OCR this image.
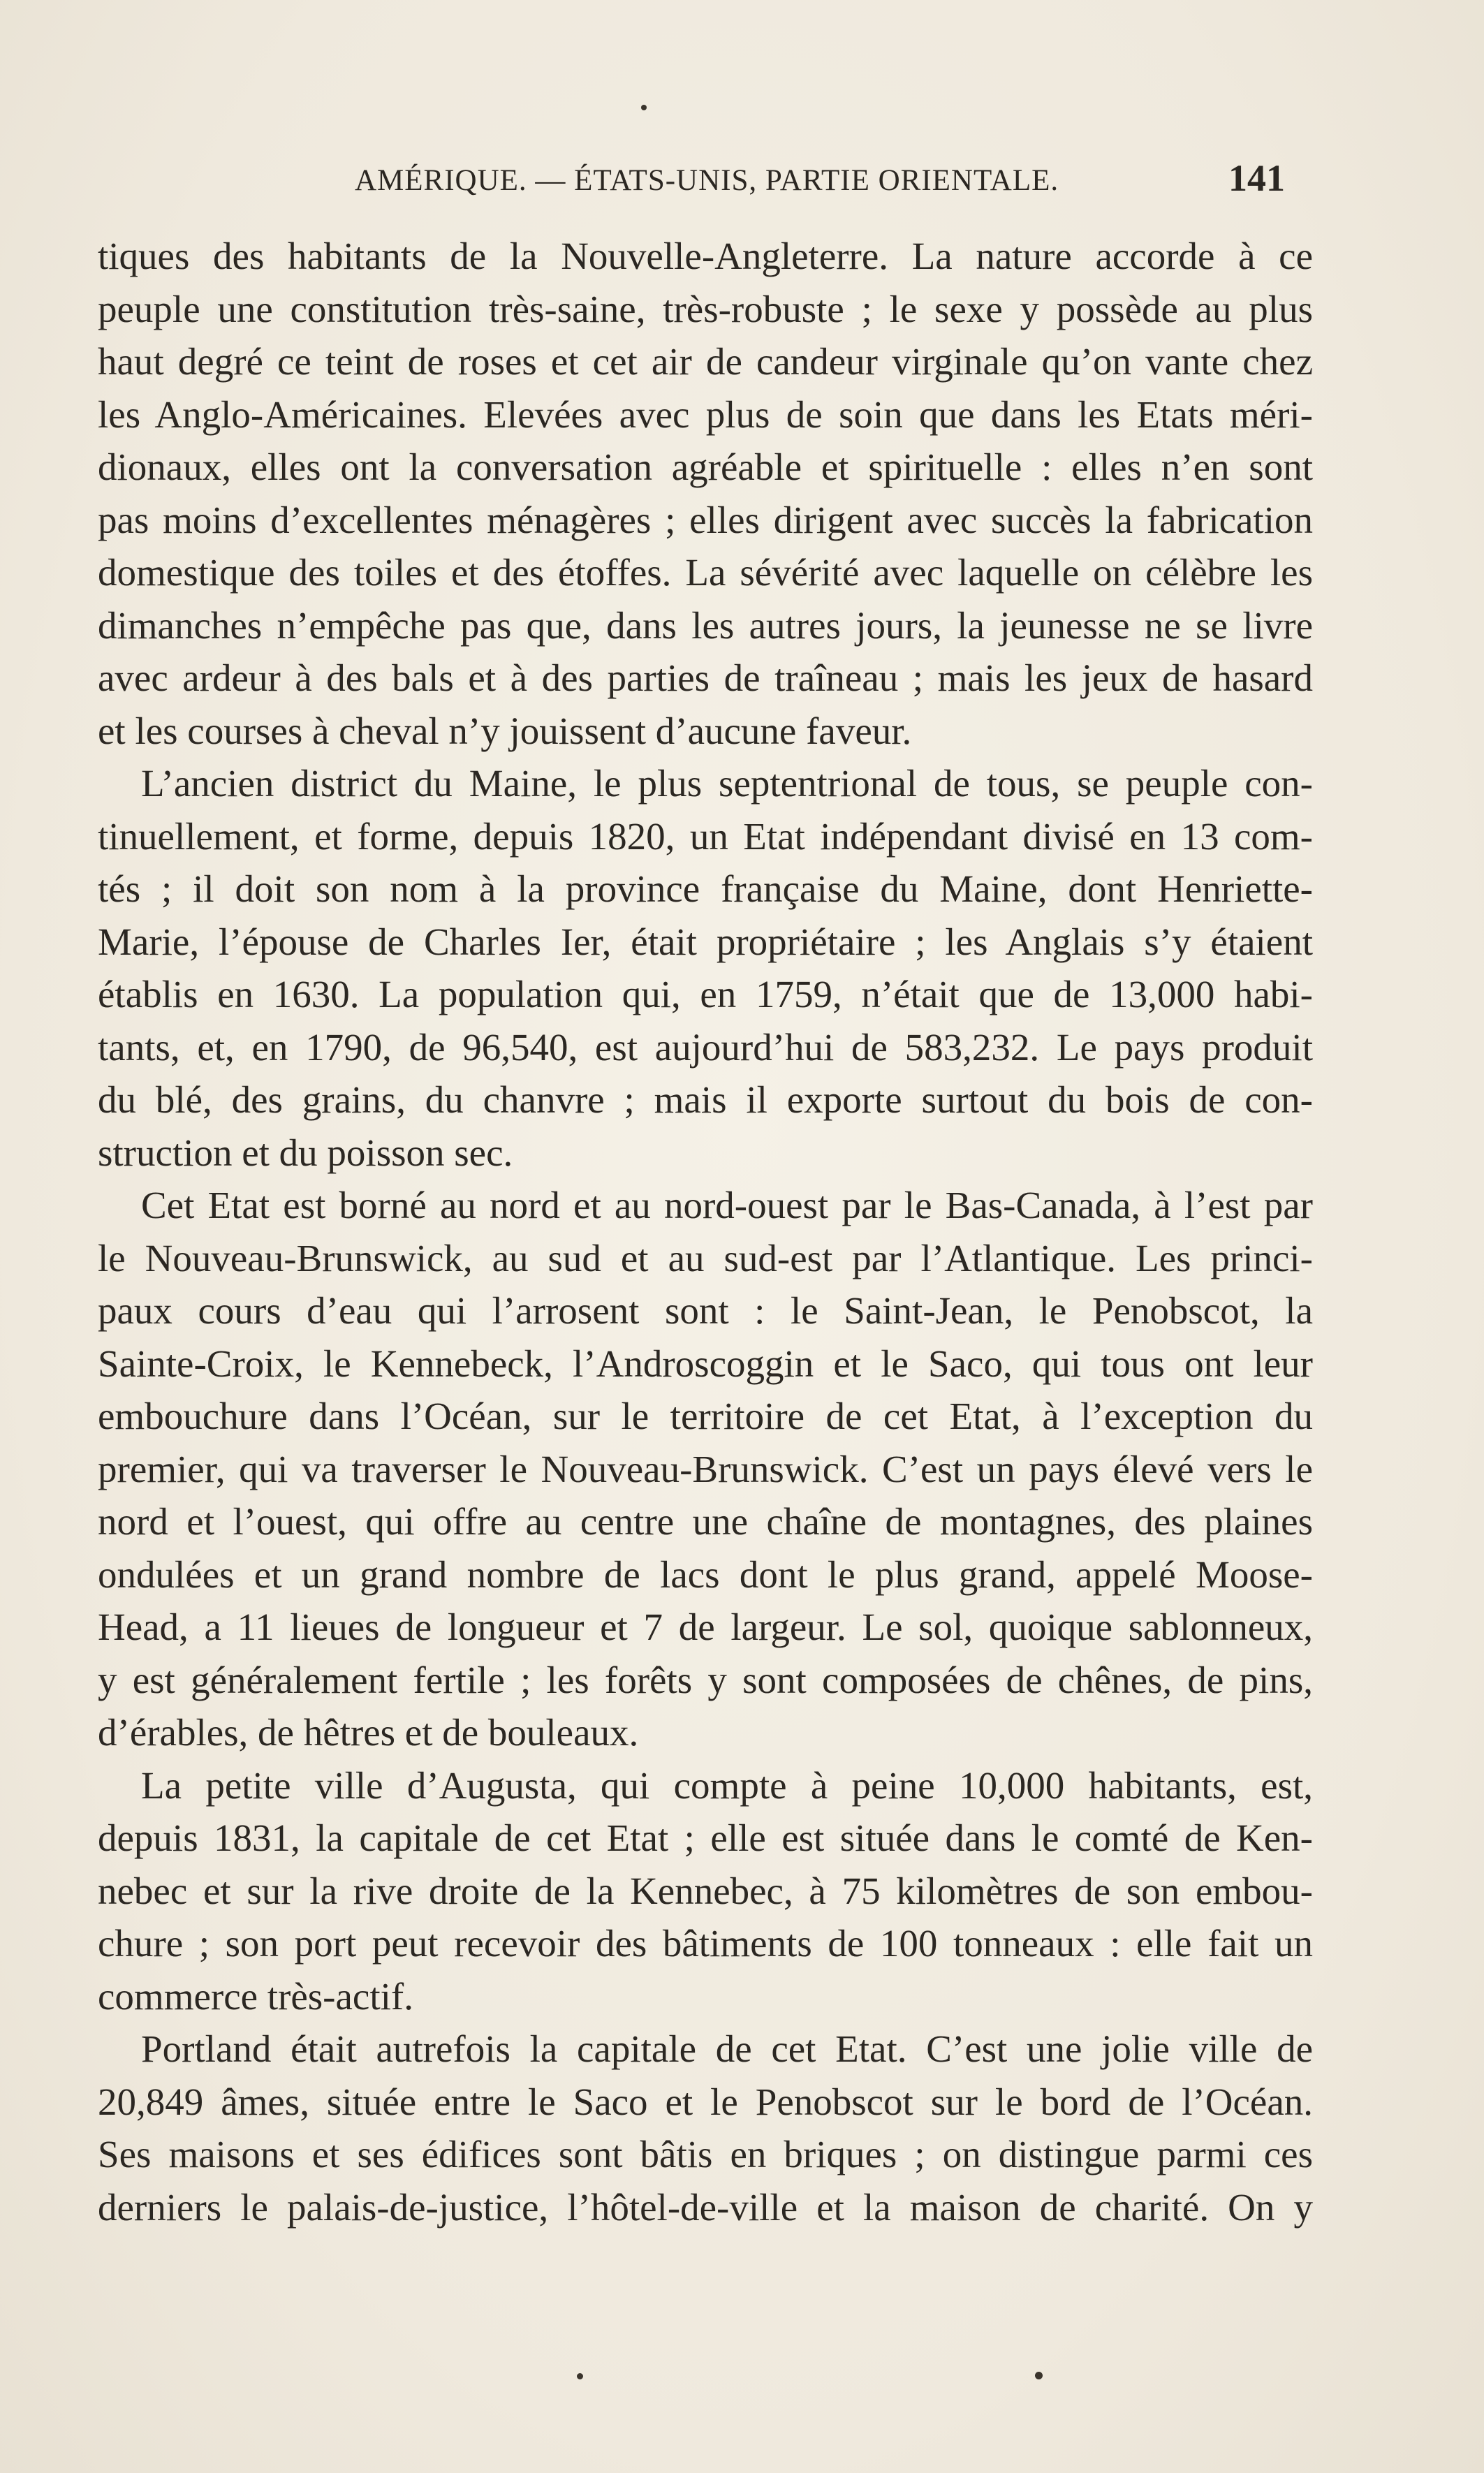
AMÉRIQUE. — ÉTATS-UNIS, PARTIE ORIENTALE.	141
tiques des habitants de la Nouvelle-Angleterre. La nature accorde à ce
peuple une constitution très-saine, très-robuste ; le sexe y possède au plus
haut degré ce teint de roses et cet air de candeur virginale qu’on vante chez
les Anglo-Américaines. Elevées avec plus de soin que dans les Etats méri-
dionaux, elles ont la conversation agréable et spirituelle : elles n’en sont
pas moins d’excellentes ménagères ; elles dirigent avec succès la fabrication
domestique des toiles et des étoffes. La sévérité avec laquelle on célèbre les
dimanches n’empêche pas que, dans les autres jours, la jeunesse ne se livre
avec ardeur à des bals et à des parties de traîneau ; mais les jeux de hasard
et les courses à cheval n’y jouissent d’aucune faveur.
L’ancien district du Maine, le plus septentrional de tous, se peuple con-
tinuellement, et forme, depuis 1820, un Etat indépendant divisé en 13 com-
tés ; il doit son nom à la province française du Maine, dont Henriette-
Marie, l’épouse de Charles Ier, était propriétaire ; les Anglais s’y étaient
établis en 1630. La population qui, en 1759, n’était que de 13,000 habi-
tants, et, en 1790, de 96,540, est aujourd’hui de 583,232. Le pays produit
du blé, des grains, du chanvre ; mais il exporte surtout du bois de con-
struction et du poisson sec.
Cet Etat est borné au nord et au nord-ouest par le Bas-Canada, à l’est par
le Nouveau-Brunswick, au sud et au sud-est par l’Atlantique. Les princi-
paux cours d’eau qui l’arrosent sont : le Saint-Jean, le Penobscot, la
Sainte-Croix, le Kennebeck, l’Androscoggin et le Saco, qui tous ont leur
embouchure dans l’Océan, sur le territoire de cet Etat, à l’exception du
premier, qui va traverser le Nouveau-Brunswick. C’est un pays élevé vers le
nord et l’ouest, qui offre au centre une chaîne de montagnes, des plaines
ondulées et un grand nombre de lacs dont le plus grand, appelé Moose-
Head, a 11 lieues de longueur et 7 de largeur. Le sol, quoique sablonneux,
y est généralement fertile ; les forêts y sont composées de chênes, de pins,
d’érables, de hêtres et de bouleaux.
La petite ville d’Augusta, qui compte à peine 10,000 habitants, est,
depuis 1831, la capitale de cet Etat ; elle est située dans le comté de Ken-
nebec et sur la rive droite de la Kennebec, à 75 kilomètres de son embou-
chure ; son port peut recevoir des bâtiments de 100 tonneaux : elle fait un
commerce très-actif.
Portland était autrefois la capitale de cet Etat. C’est une jolie ville de
20,849 âmes, située entre le Saco et le Penobscot sur le bord de l’Océan.
Ses maisons et ses édifices sont bâtis en briques ; on distingue parmi ces
derniers le palais-de-justice, l’hôtel-de-ville et la maison de charité. On y
